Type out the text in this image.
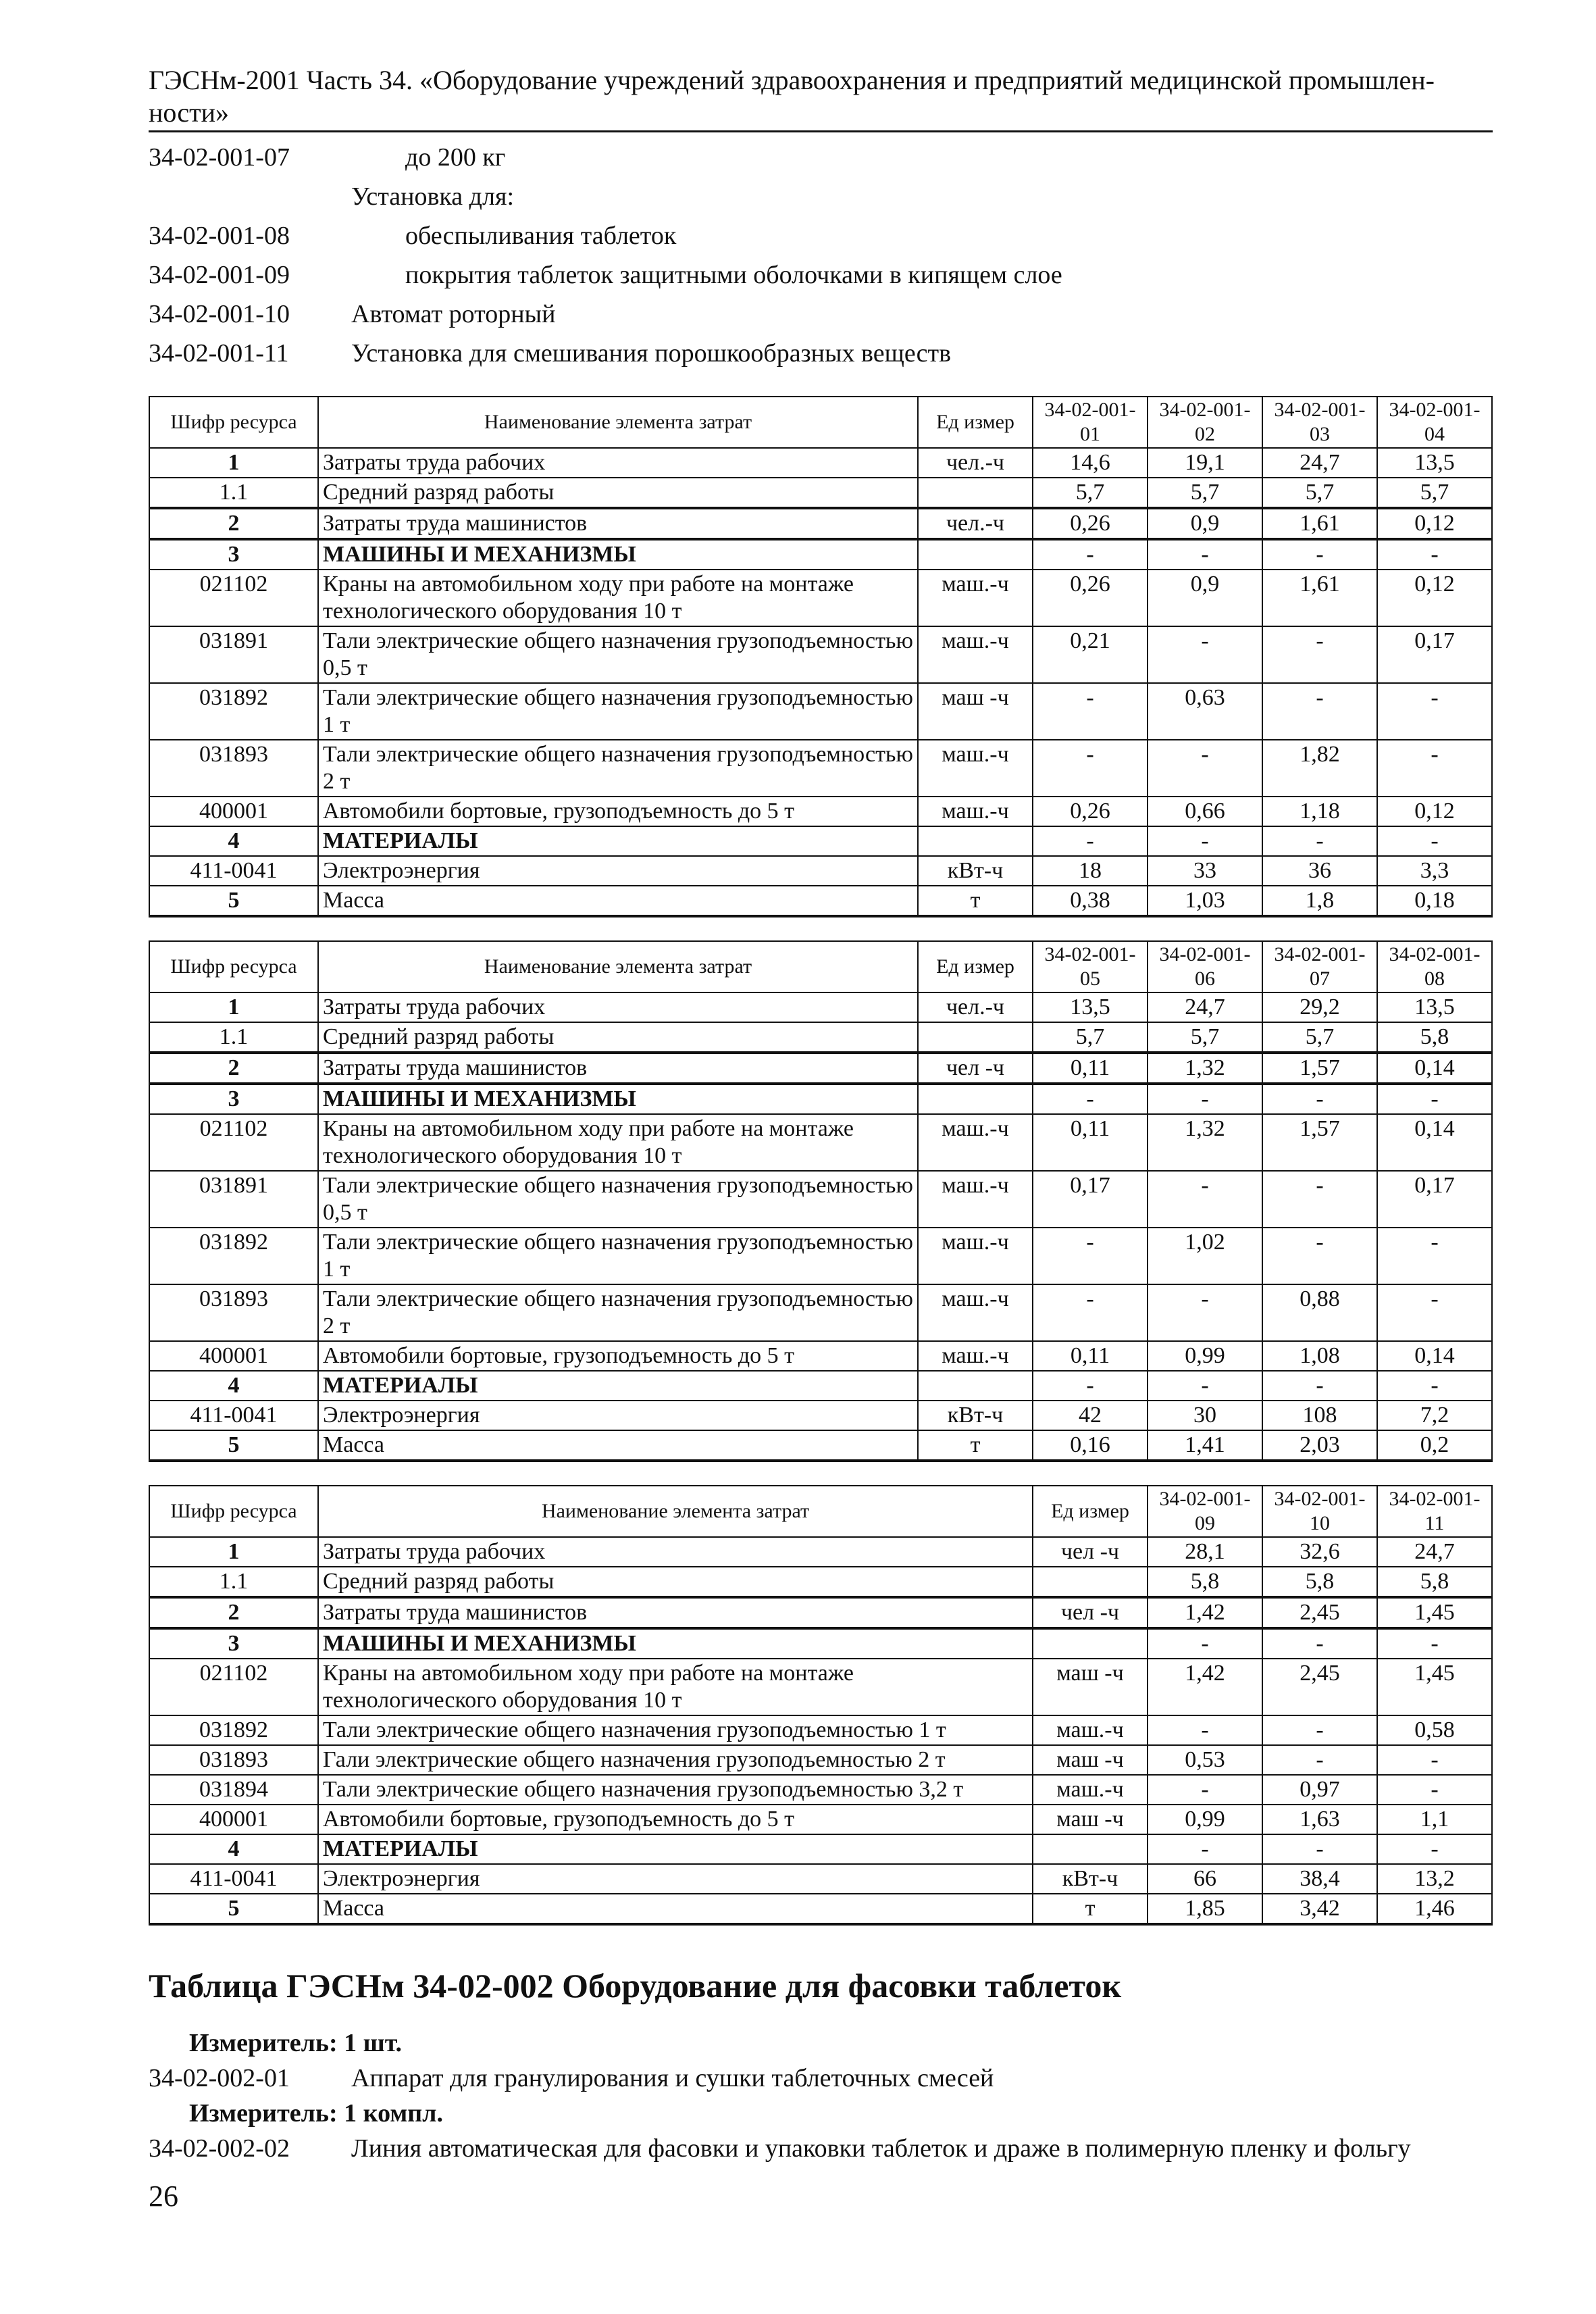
ГЭСНм-2001 Часть 34. «Оборудование учреждений здравоохранения и предприятий медицинской промышлен-
ности»
34-02-001-07	до 200 кг
Установка для:
34-02-001-08	обеспыливания таблеток
34-02-001-09	покрытия таблеток защитными оболочками в кипящем слое
34-02-001-10	Автомат роторный
34-02-001-11	Установка для смешивания порошкообразных веществ
Шифр ресурса	Наименование элемента затрат	Ед измер	34-02-001-01	34-02-001-02	34-02-001-03	34-02-001-04
1	Затраты труда рабочих	чел.-ч	14,6	19,1	24,7	13,5
1.1	Средний разряд работы		5,7	5,7	5,7	5,7
2	Затраты труда машинистов	чел.-ч	0,26	0,9	1,61	0,12
3	МАШИНЫ И МЕХАНИЗМЫ		-	-	-	-
021102	Краны на автомобильном ходу при работе на монтаже технологического оборудования 10 т	маш.-ч	0,26	0,9	1,61	0,12
031891	Тали электрические общего назначения грузоподъемностью 0,5 т	маш.-ч	0,21	-	-	0,17
031892	Тали электрические общего назначения грузоподъемностью 1 т	маш -ч	-	0,63	-	-
031893	Тали электрические общего назначения грузоподъемностью 2 т	маш.-ч	-	-	1,82	-
400001	Автомобили бортовые, грузоподъемность до 5 т	маш.-ч	0,26	0,66	1,18	0,12
4	МАТЕРИАЛЫ		-	-	-	-
411-0041	Электроэнергия	кВт-ч	18	33	36	3,3
5	Масса	т	0,38	1,03	1,8	0,18
Шифр ресурса	Наименование элемента затрат	Ед измер	34-02-001-05	34-02-001-06	34-02-001-07	34-02-001-08
1	Затраты труда рабочих	чел.-ч	13,5	24,7	29,2	13,5
1.1	Средний разряд работы		5,7	5,7	5,7	5,8
2	Затраты труда машинистов	чел -ч	0,11	1,32	1,57	0,14
3	МАШИНЫ И МЕХАНИЗМЫ		-	-	-	-
021102	Краны на автомобильном ходу при работе на монтаже технологического оборудования 10 т	маш.-ч	0,11	1,32	1,57	0,14
031891	Тали электрические общего назначения грузоподъемностью 0,5 т	маш.-ч	0,17	-	-	0,17
031892	Тали электрические общего назначения грузоподъемностью 1 т	маш.-ч	-	1,02	-	-
031893	Тали электрические общего назначения грузоподъемностью 2 т	маш.-ч	-	-	0,88	-
400001	Автомобили бортовые, грузоподъемность до 5 т	маш.-ч	0,11	0,99	1,08	0,14
4	МАТЕРИАЛЫ		-	-	-	-
411-0041	Электроэнергия	кВт-ч	42	30	108	7,2
5	Масса	т	0,16	1,41	2,03	0,2
Шифр ресурса	Наименование элемента затрат	Ед измер	34-02-001-09	34-02-001-10	34-02-001-11
1	Затраты труда рабочих	чел -ч	28,1	32,6	24,7
1.1	Средний разряд работы		5,8	5,8	5,8
2	Затраты труда машинистов	чел -ч	1,42	2,45	1,45
3	МАШИНЫ И МЕХАНИЗМЫ		-	-	-
021102	Краны на автомобильном ходу при работе на монтаже технологического оборудования 10 т	маш -ч	1,42	2,45	1,45
031892	Тали электрические общего назначения грузоподъемностью 1 т	маш.-ч	-	-	0,58
031893	Гали электрические общего назначения грузоподъемностью 2 т	маш -ч	0,53	-	-
031894	Тали электрические общего назначения грузоподъемностью 3,2 т	маш.-ч	-	0,97	-
400001	Автомобили бортовые, грузоподъемность до 5 т	маш -ч	0,99	1,63	1,1
4	МАТЕРИАЛЫ		-	-	-
411-0041	Электроэнергия	кВт-ч	66	38,4	13,2
5	Масса	т	1,85	3,42	1,46
Таблица ГЭСНм 34-02-002 Оборудование для фасовки таблеток
Измеритель: 1 шт.
34-02-002-01	Аппарат для гранулирования и сушки таблеточных смесей
Измеритель: 1 компл.
34-02-002-02	Линия автоматическая для фасовки и упаковки таблеток и драже в полимерную пленку и фольгу
26
